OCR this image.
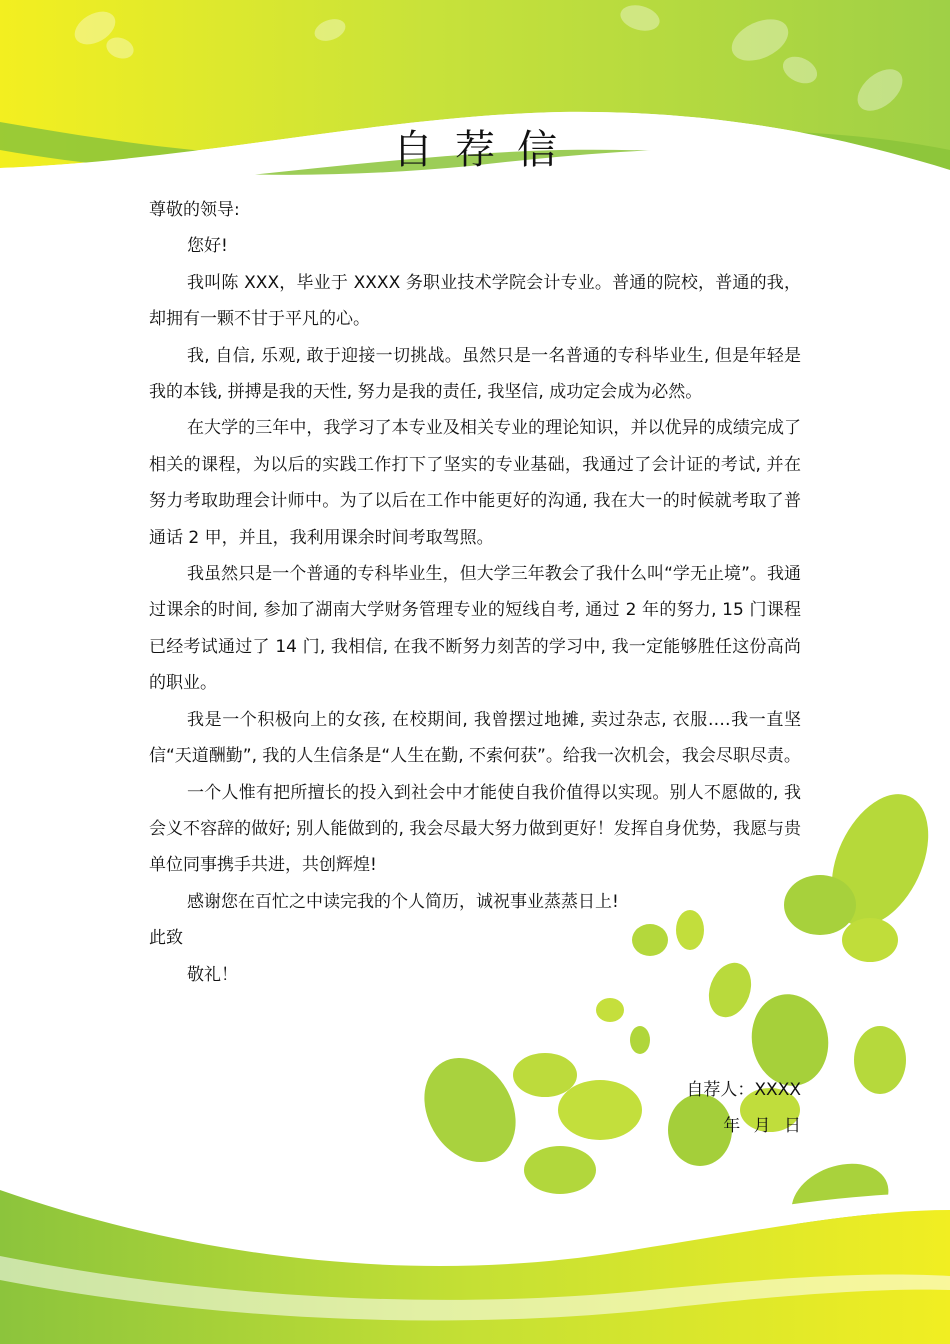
自荐信

尊敬的领导:

您好!

我叫陈 XXX，毕业于 XXXX 务职业技术学院会计专业。普通的院校，普通的我，却拥有一颗不甘于平凡的心。

我, 自信, 乐观, 敢于迎接一切挑战。虽然只是一名普通的专科毕业生, 但是年轻是我的本钱, 拼搏是我的天性, 努力是我的责任, 我坚信, 成功定会成为必然。

在大学的三年中，我学习了本专业及相关专业的理论知识，并以优异的成绩完成了相关的课程，为以后的实践工作打下了坚实的专业基础，我通过了会计证的考试, 并在努力考取助理会计师中。为了以后在工作中能更好的沟通, 我在大一的时候就考取了普通话 2 甲，并且，我利用课余时间考取驾照。

我虽然只是一个普通的专科毕业生，但大学三年教会了我什么叫“学无止境”。我通过课余的时间, 参加了湖南大学财务管理专业的短线自考, 通过 2 年的努力, 15 门课程已经考试通过了 14 门, 我相信, 在我不断努力刻苦的学习中, 我一定能够胜任这份高尚的职业。

我是一个积极向上的女孩, 在校期间, 我曾摆过地摊, 卖过杂志, 衣服‥‥我一直坚信“天道酬勤”, 我的人生信条是“人生在勤, 不索何获”。给我一次机会，我会尽职尽责。

一个人惟有把所擅长的投入到社会中才能使自我价值得以实现。别人不愿做的, 我会义不容辞的做好; 别人能做到的, 我会尽最大努力做到更好！发挥自身优势，我愿与贵单位同事携手共进，共创辉煌!

感谢您在百忙之中读完我的个人简历，诚祝事业蒸蒸日上!

此致

敬礼！

自荐人：XXXX
年 月 日
